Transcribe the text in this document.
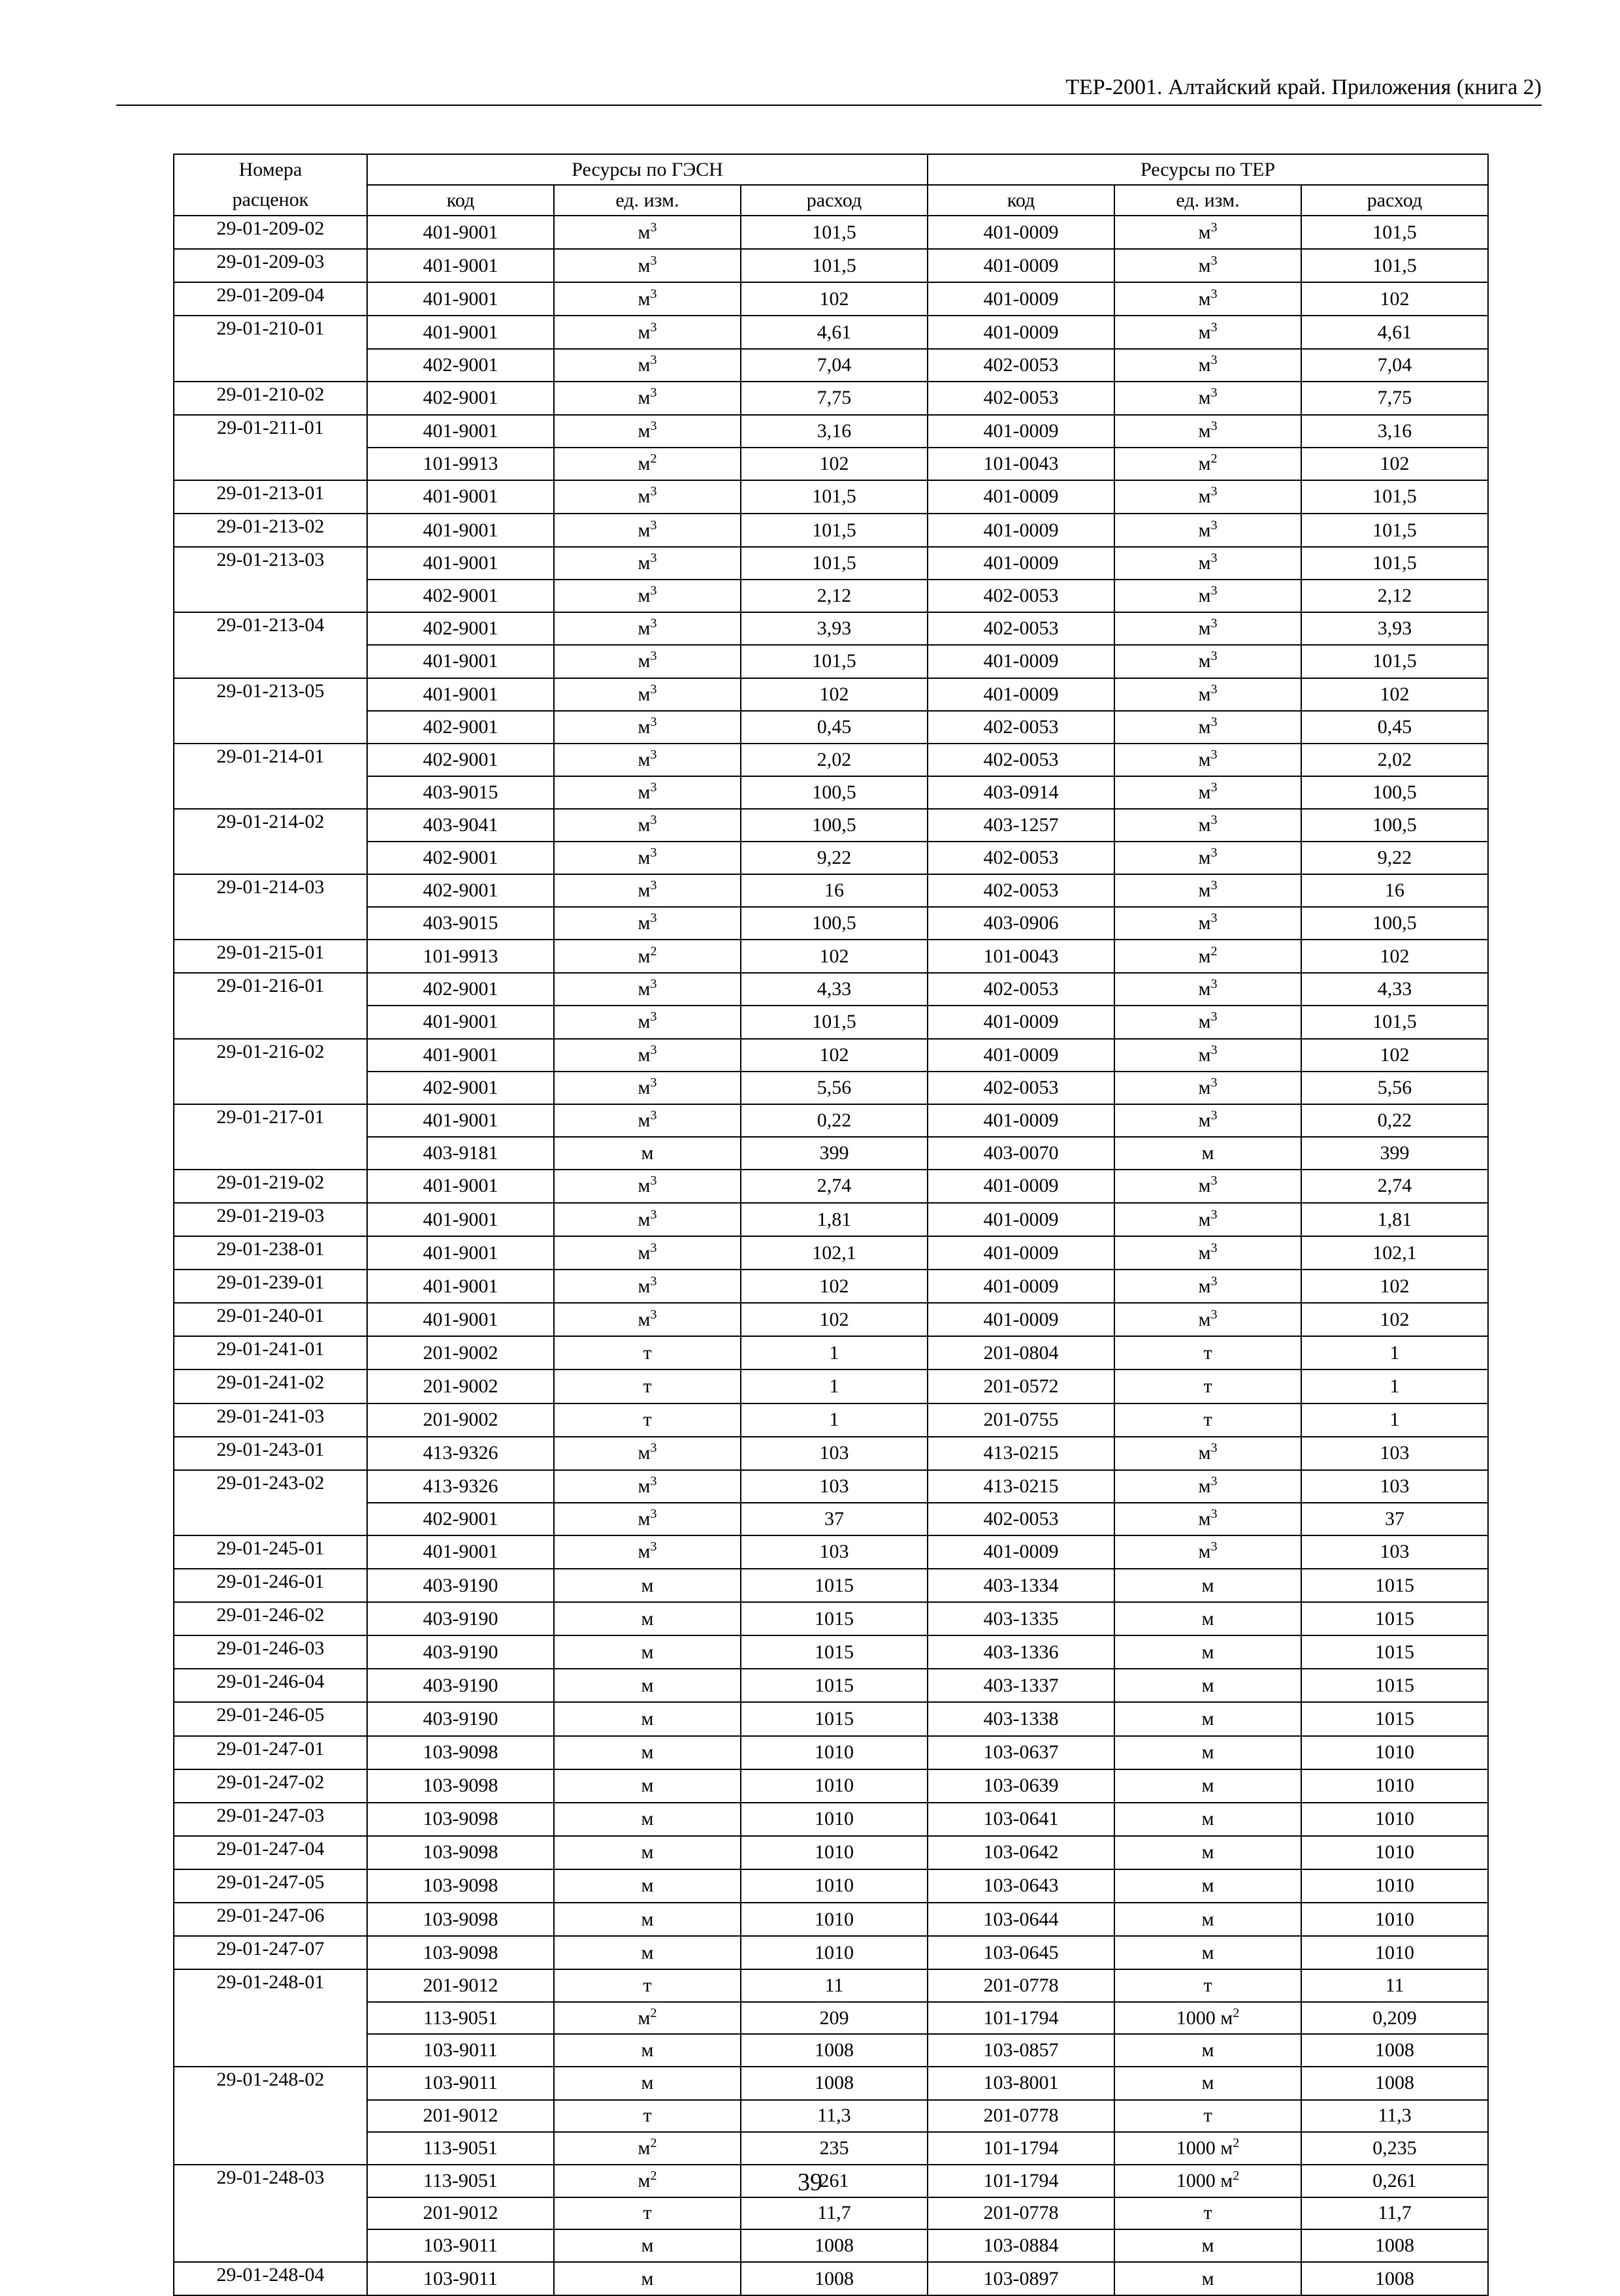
ТЕР-2001. Алтайский край. Приложения (книга 2)
Номера	Ресурсы по ГЭСН			Ресурсы по ТЕР		
расценок	код	ед. изм.	расход	код	ед. изм.	расход
29-01-209-02	401-9001	$м^3$	101,5	401-0009	$м^3$	101,5
29-01-209-03	401-9001	$м^3$	101,5	401-0009	$м^3$	101,5
29-01-209-04	401-9001	$м^3$	102	401-0009	$м^3$	102
29-01-210-01	401-9001	$м^3$	4,61	401-0009	$м^3$	4,61
	402-9001	$м^3$	7,04	402-0053	$м^3$	7,04
29-01-210-02	402-9001	$м^3$	7,75	402-0053	$м^3$	7,75
29-01-211-01	401-9001	$м^3$	3,16	401-0009	$м^3$	3,16
	101-9913	$м^2$	102	101-0043	$м^2$	102
29-01-213-01	401-9001	$м^3$	101,5	401-0009	$м^3$	101,5
29-01-213-02	401-9001	$м^3$	101,5	401-0009	$м^3$	101,5
29-01-213-03	401-9001	$м^3$	101,5	401-0009	$м^3$	101,5
	402-9001	$м^3$	2,12	402-0053	$м^3$	2,12
29-01-213-04	402-9001	$м^3$	3,93	402-0053	$м^3$	3,93
	401-9001	$м^3$	101,5	401-0009	$м^3$	101,5
29-01-213-05	401-9001	$м^3$	102	401-0009	$м^3$	102
	402-9001	$м^3$	0,45	402-0053	$м^3$	0,45
29-01-214-01	402-9001	$м^3$	2,02	402-0053	$м^3$	2,02
	403-9015	$м^3$	100,5	403-0914	$м^3$	100,5
29-01-214-02	403-9041	$м^3$	100,5	403-1257	$м^3$	100,5
	402-9001	$м^3$	9,22	402-0053	$м^3$	9,22
29-01-214-03	402-9001	$м^3$	16	402-0053	$м^3$	16
	403-9015	$м^3$	100,5	403-0906	$м^3$	100,5
29-01-215-01	101-9913	$м^2$	102	101-0043	$м^2$	102
29-01-216-01	402-9001	$м^3$	4,33	402-0053	$м^3$	4,33
	401-9001	$м^3$	101,5	401-0009	$м^3$	101,5
29-01-216-02	401-9001	$м^3$	102	401-0009	$м^3$	102
	402-9001	$м^3$	5,56	402-0053	$м^3$	5,56
29-01-217-01	401-9001	$м^3$	0,22	401-0009	$м^3$	0,22
	403-9181	м	399	403-0070	м	399
29-01-219-02	401-9001	$м^3$	2,74	401-0009	$м^3$	2,74
29-01-219-03	401-9001	$м^3$	1,81	401-0009	$м^3$	1,81
29-01-238-01	401-9001	$м^3$	102,1	401-0009	$м^3$	102,1
29-01-239-01	401-9001	$м^3$	102	401-0009	$м^3$	102
29-01-240-01	401-9001	$м^3$	102	401-0009	$м^3$	102
29-01-241-01	201-9002	т	1	201-0804	т	1
29-01-241-02	201-9002	т	1	201-0572	т	1
29-01-241-03	201-9002	т	1	201-0755	т	1
29-01-243-01	413-9326	$м^3$	103	413-0215	$м^3$	103
29-01-243-02	413-9326	$м^3$	103	413-0215	$м^3$	103
	402-9001	$м^3$	37	402-0053	$м^3$	37
29-01-245-01	401-9001	$м^3$	103	401-0009	$м^3$	103
29-01-246-01	403-9190	м	1015	403-1334	м	1015
29-01-246-02	403-9190	м	1015	403-1335	м	1015
29-01-246-03	403-9190	м	1015	403-1336	м	1015
29-01-246-04	403-9190	м	1015	403-1337	м	1015
29-01-246-05	403-9190	м	1015	403-1338	м	1015
29-01-247-01	103-9098	м	1010	103-0637	м	1010
29-01-247-02	103-9098	м	1010	103-0639	м	1010
29-01-247-03	103-9098	м	1010	103-0641	м	1010
29-01-247-04	103-9098	м	1010	103-0642	м	1010
29-01-247-05	103-9098	м	1010	103-0643	м	1010
29-01-247-06	103-9098	м	1010	103-0644	м	1010
29-01-247-07	103-9098	м	1010	103-0645	м	1010
29-01-248-01	201-9012	т	11	201-0778	т	11
	113-9051	$м^2$	209	101-1794	1000 $м^2$	0,209
	103-9011	м	1008	103-0857	м	1008
29-01-248-02	103-9011	м	1008	103-8001	м	1008
	201-9012	т	11,3	201-0778	т	11,3
	113-9051	$м^2$	235	101-1794	1000 $м^2$	0,235
29-01-248-03	113-9051	$м^2$	261	101-1794	1000 $м^2$	0,261
	201-9012	т	11,7	201-0778	т	11,7
	103-9011	м	1008	103-0884	м	1008
29-01-248-04	103-9011	м	1008	103-0897	м	1008
39
